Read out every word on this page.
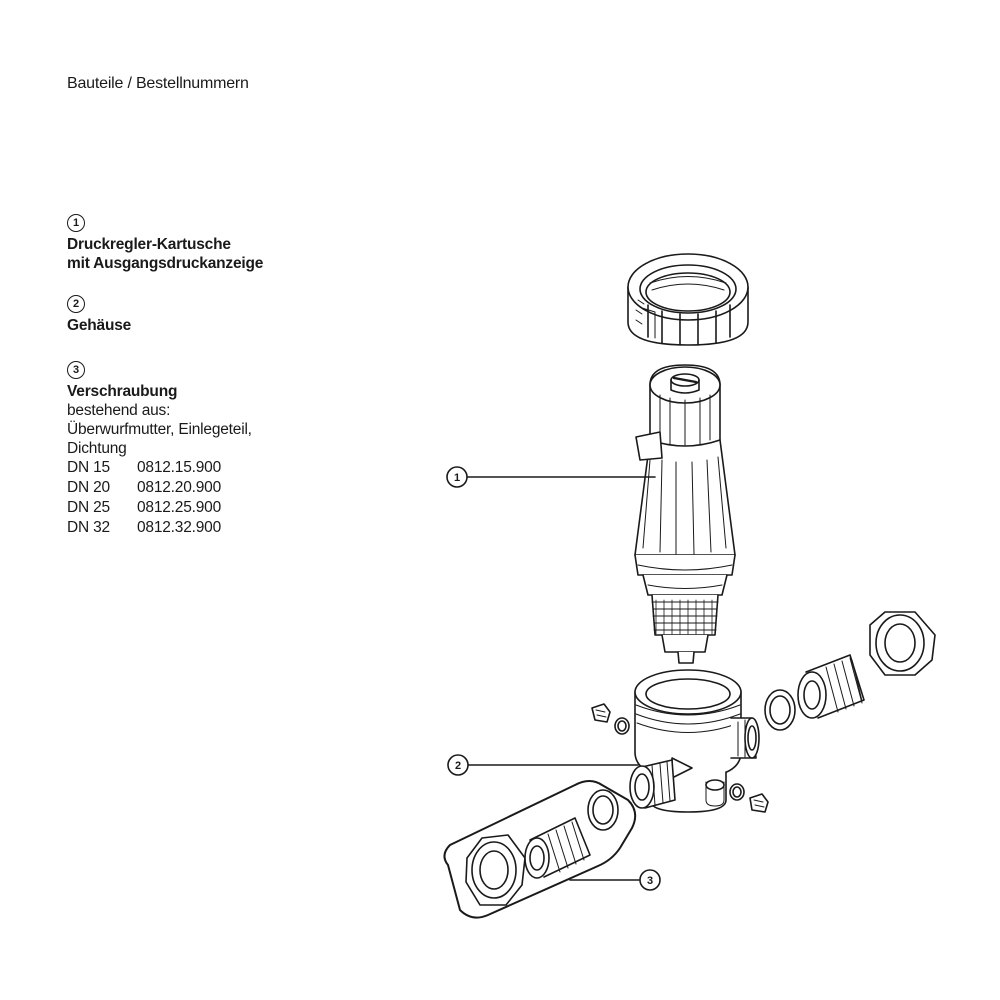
Bauteile / Bestellnummern
1
Druckregler-Kartusche
mit Ausgangsdruckanzeige
2
Gehäuse
3
Verschraubung
bestehend aus:
Überwurfmutter, Einlegeteil,
Dichtung
DN 15	0812.15.900
DN 20	0812.20.900
DN 25	0812.25.900
DN 32	0812.32.900
1
2
3
